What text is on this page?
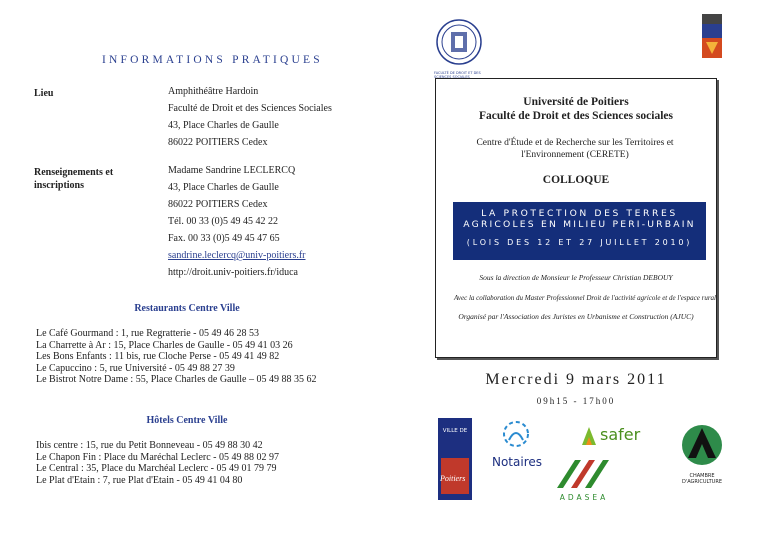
INFORMATIONS PRATIQUES
Lieu	Amphithéâtre Hardoin
Faculté de Droit et des Sciences Sociales
43, Place Charles de Gaulle
86022 POITIERS Cedex
Renseignements et inscriptions
Madame Sandrine LECLERCQ
43, Place Charles de Gaulle
86022 POITIERS Cedex
Tél. 00 33 (0)5 49 45 42 22
Fax. 00 33 (0)5 49 45 47 65
sandrine.leclercq@univ-poitiers.fr
http://droit.univ-poitiers.fr/iduca
Restaurants Centre Ville
Le Café Gourmand : 1, rue Regratterie - 05 49 46 28 53
La Charrette à Ar : 15, Place Charles de Gaulle - 05 49 41 03 26
Les Bons Enfants : 11 bis, rue Cloche Perse - 05 49 41 49 82
Le Capuccino : 5, rue Université - 05 49 88 27 39
Le Bistrot Notre Dame : 55, Place Charles de Gaulle – 05 49 88 35 62
Hôtels Centre Ville
Ibis centre : 15, rue du Petit Bonneveau - 05 49 88 30 42
Le Chapon Fin : Place du Maréchal Leclerc - 05 49 88 02 97
Le Central : 35, Place du Marchéal Leclerc - 05 49 01 79 79
Le Plat d'Etain : 7, rue Plat d'Etain - 05 49 41 04 80
FACULTÉ DE DROIT ET DES SCIENCES SOCIALES
Université de Poitiers
Faculté de Droit et des Sciences sociales
Centre d'Étude et de Recherche sur les Territoires et l'Environnement (CERETE)
COLLOQUE
LA PROTECTION DES TERRES
AGRICOLES EN MILIEU PERI-URBAIN
(LOIS DES 12 ET 27 JUILLET 2010)
Sous la direction de Monsieur le Professeur Christian DEBOUY
Avec la collaboration du Master Professionnel Droit de l'activité agricole et de l'espace rural
Organisé par l'Association des Juristes en Urbanisme et Construction (AJUC)
Mercredi 9 mars 2011
09h15 - 17h00
VILLE DE
Poitiers
Notaires
safer
ADASEA
CHAMBRE D'AGRICULTURE
